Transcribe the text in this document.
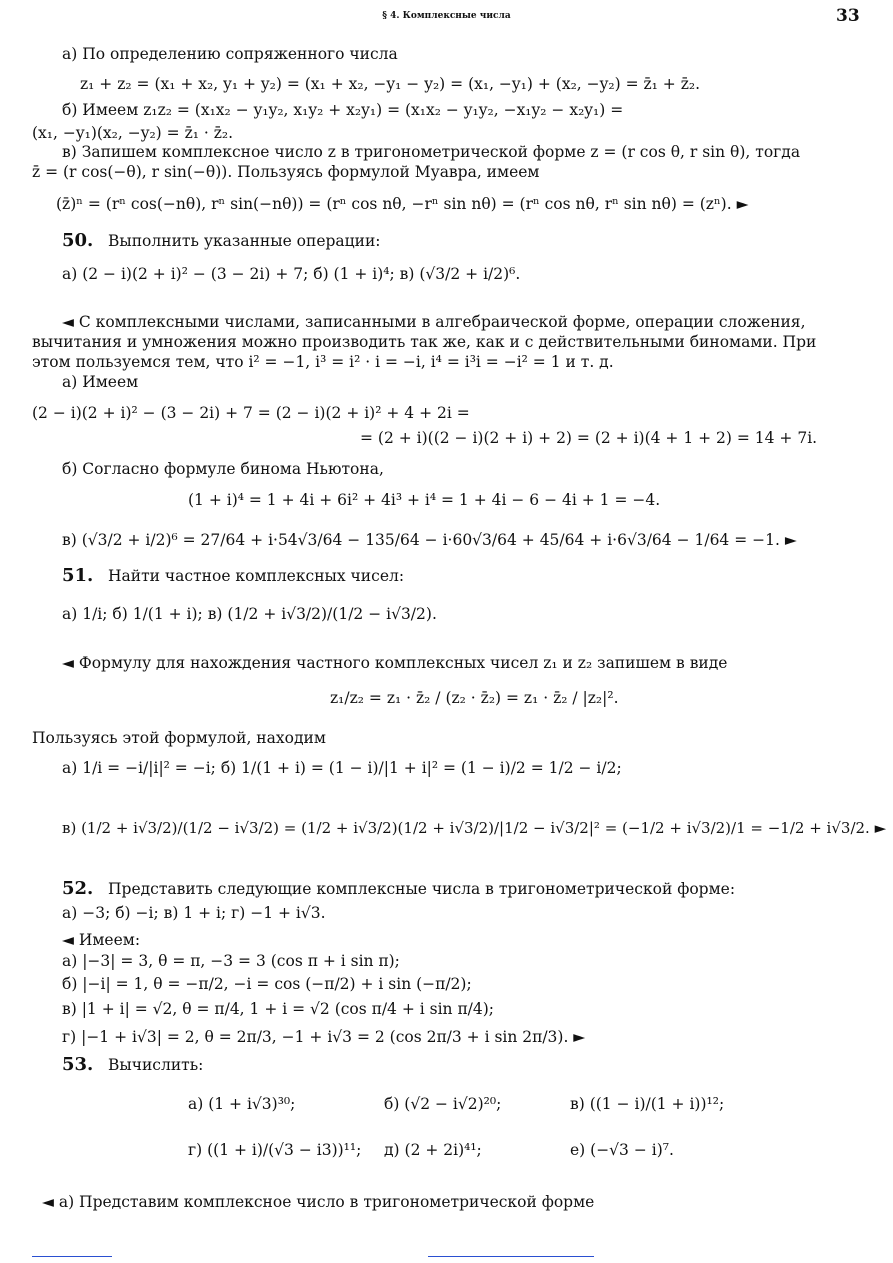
§ 4. Комплексные числа	33
а) По определению сопряженного числа
z₁ + z₂ = (x₁ + x₂, y₁ + y₂) = (x₁ + x₂, −y₁ − y₂) = (x₁, −y₁) + (x₂, −y₂) = z̄₁ + z̄₂.
б) Имеем z₁z₂ = (x₁x₂ − y₁y₂, x₁y₂ + x₂y₁) = (x₁x₂ − y₁y₂, −x₁y₂ − x₂y₁) =
(x₁, −y₁)(x₂, −y₂) = z̄₁ · z̄₂.
в) Запишем комплексное число z в тригонометрической форме z = (r cos θ, r sin θ), тогда
z̄ = (r cos(−θ), r sin(−θ)). Пользуясь формулой Муавра, имеем
(z̄)ⁿ = (rⁿ cos(−nθ), rⁿ sin(−nθ)) = (rⁿ cos nθ, −rⁿ sin nθ) = (rⁿ cos nθ, rⁿ sin nθ) = (zⁿ). ►
50. Выполнить указанные операции:
а) (2 − i)(2 + i)² − (3 − 2i) + 7; б) (1 + i)⁴; в) (√3/2 + i/2)⁶.
◄ С комплексными числами, записанными в алгебраической форме, операции сложения,
вычитания и умножения можно производить так же, как и с действительными биномами. При
этом пользуемся тем, что i² = −1, i³ = i² · i = −i, i⁴ = i³i = −i² = 1 и т. д.
а) Имеем
(2 − i)(2 + i)² − (3 − 2i) + 7 = (2 − i)(2 + i)² + 4 + 2i =
= (2 + i)((2 − i)(2 + i) + 2) = (2 + i)(4 + 1 + 2) = 14 + 7i.
б) Согласно формуле бинома Ньютона,
(1 + i)⁴ = 1 + 4i + 6i² + 4i³ + i⁴ = 1 + 4i − 6 − 4i + 1 = −4.
в) (√3/2 + i/2)⁶ = 27/64 + i·54√3/64 − 135/64 − i·60√3/64 + 45/64 + i·6√3/64 − 1/64 = −1. ►
51. Найти частное комплексных чисел:
а) 1/i; б) 1/(1 + i); в) (1/2 + i√3/2)/(1/2 − i√3/2).
◄ Формулу для нахождения частного комплексных чисел z₁ и z₂ запишем в виде
z₁/z₂ = z₁ · z̄₂ / (z₂ · z̄₂) = z₁ · z̄₂ / |z₂|².
Пользуясь этой формулой, находим
а) 1/i = −i/|i|² = −i; б) 1/(1 + i) = (1 − i)/|1 + i|² = (1 − i)/2 = 1/2 − i/2;
в) (1/2 + i√3/2)/(1/2 − i√3/2) = (1/2 + i√3/2)(1/2 + i√3/2)/|1/2 − i√3/2|² = (−1/2 + i√3/2)/1 = −1/2 + i√3/2. ►
52. Представить следующие комплексные числа в тригонометрической форме:
а) −3; б) −i; в) 1 + i; г) −1 + i√3.
◄ Имеем:
а) |−3| = 3, θ = π, −3 = 3 (cos π + i sin π);
б) |−i| = 1, θ = −π/2, −i = cos (−π/2) + i sin (−π/2);
в) |1 + i| = √2, θ = π/4, 1 + i = √2 (cos π/4 + i sin π/4);
г) |−1 + i√3| = 2, θ = 2π/3, −1 + i√3 = 2 (cos 2π/3 + i sin 2π/3). ►
53. Вычислить:
а) (1 + i√3)³⁰;	б) (√2 − i√2)²⁰;	в) ((1 − i)/(1 + i))¹²;
г) ((1 + i)/(√3 − i3))¹¹; д) (2 + 2i)⁴¹;	е) (−√3 − i)⁷.
◄ а) Представим комплексное число в тригонометрической форме
